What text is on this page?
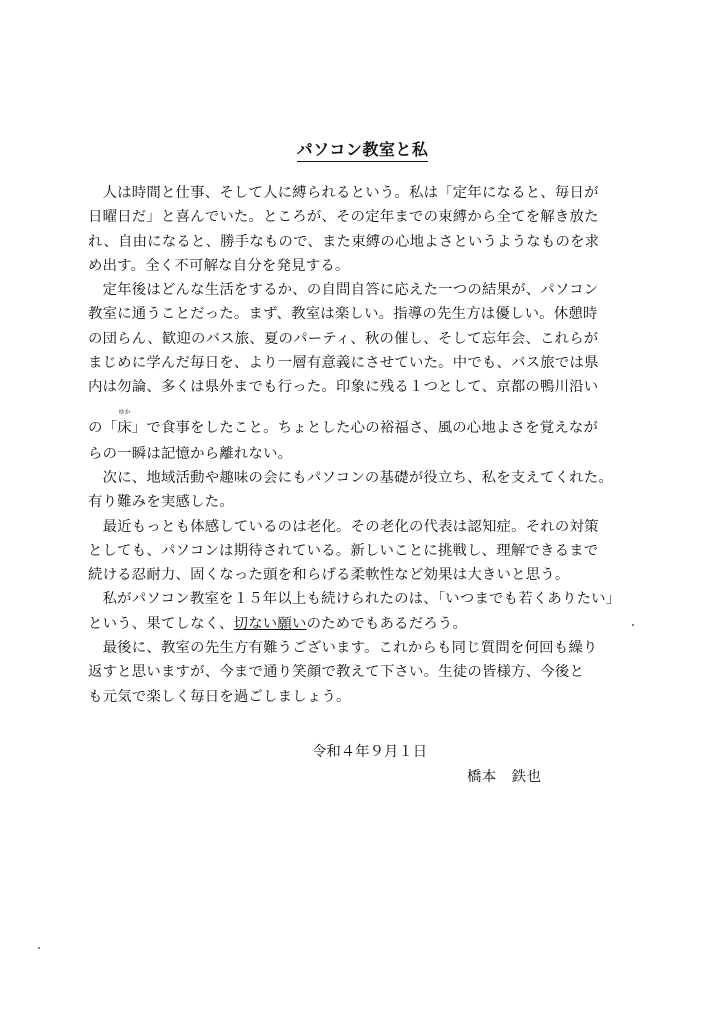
パソコン教室と私
　人は時間と仕事、そして人に縛られるという。私は「定年になると、毎日が
日曜日だ」と喜んでいた。ところが、その定年までの束縛から全てを解き放た
れ、自由になると、勝手なもので、また束縛の心地よさというようなものを求
め出す。全く不可解な自分を発見する。
　定年後はどんな生活をするか、の自問自答に応えた一つの結果が、パソコン
教室に通うことだった。まず、教室は楽しい。指導の先生方は優しい。休憩時
の団らん、歓迎のバス旅、夏のパーティ、秋の催し、そして忘年会、これらが
まじめに学んだ毎日を、より一層有意義にさせていた。中でも、バス旅では県
内は勿論、多くは県外までも行った。印象に残る１つとして、京都の鴨川沿い
の「
ゆか
床」で食事をしたこと。ちょとした心の裕福さ、風の心地よさを覚えなが
らの一瞬は記憶から離れない。
　次に、地域活動や趣味の会にもパソコンの基礎が役立ち、私を支えてくれた。
有り難みを実感した。
　最近もっとも体感しているのは老化。その老化の代表は認知症。それの対策
としても、パソコンは期待されている。新しいことに挑戦し、理解できるまで
続ける忍耐力、固くなった頭を和らげる柔軟性など効果は大きいと思う。
　私がパソコン教室を１５年以上も続けられたのは、「いつまでも若くありたい」
という、果てしなく、切ない願いのためでもあるだろう。
　最後に、教室の先生方有難うございます。これからも同じ質問を何回も繰り
返すと思いますが、今まで通り笑顔で教えて下さい。生徒の皆様方、今後と
も元気で楽しく毎日を過ごしましょう。
令和４年９月１日
橋本　鉄也
